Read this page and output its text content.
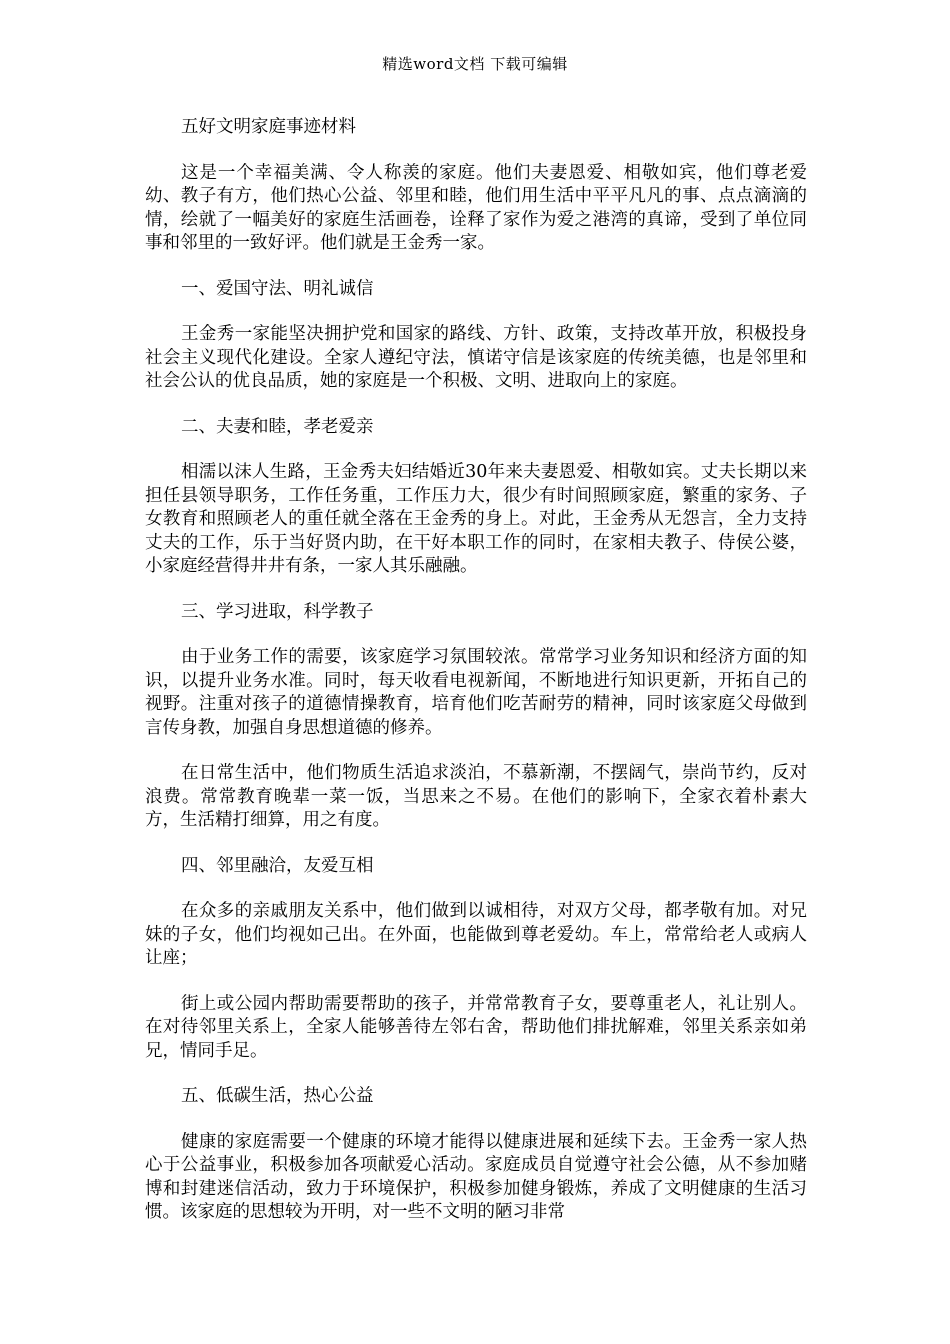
精选word文档 下载可编辑

五好文明家庭事迹材料

这是一个幸福美满、令人称羡的家庭。他们夫妻恩爱、相敬如宾，他们尊老爱幼、教子有方，他们热心公益、邻里和睦，他们用生活中平平凡凡的事、点点滴滴的情，绘就了一幅美好的家庭生活画卷，诠释了家作为爱之港湾的真谛，受到了单位同事和邻里的一致好评。他们就是王金秀一家。

一、爱国守法、明礼诚信

王金秀一家能坚决拥护党和国家的路线、方针、政策，支持改革开放，积极投身社会主义现代化建设。全家人遵纪守法，慎诺守信是该家庭的传统美德，也是邻里和社会公认的优良品质，她的家庭是一个积极、文明、进取向上的家庭。

二、夫妻和睦，孝老爱亲

相濡以沫人生路，王金秀夫妇结婚近30年来夫妻恩爱、相敬如宾。丈夫长期以来担任县领导职务，工作任务重，工作压力大，很少有时间照顾家庭，繁重的家务、子女教育和照顾老人的重任就全落在王金秀的身上。对此，王金秀从无怨言，全力支持丈夫的工作，乐于当好贤内助，在干好本职工作的同时，在家相夫教子、侍侯公婆，小家庭经营得井井有条，一家人其乐融融。

三、学习进取，科学教子

由于业务工作的需要，该家庭学习氛围较浓。常常学习业务知识和经济方面的知识，以提升业务水准。同时，每天收看电视新闻，不断地进行知识更新，开拓自己的视野。注重对孩子的道德情操教育，培育他们吃苦耐劳的精神，同时该家庭父母做到言传身教，加强自身思想道德的修养。

在日常生活中，他们物质生活追求淡泊，不慕新潮，不摆阔气，崇尚节约，反对浪费。常常教育晚辈一菜一饭，当思来之不易。在他们的影响下，全家衣着朴素大方，生活精打细算，用之有度。

四、邻里融洽，友爱互相

在众多的亲戚朋友关系中，他们做到以诚相待，对双方父母，都孝敬有加。对兄妹的子女，他们均视如己出。在外面，也能做到尊老爱幼。车上，常常给老人或病人让座；

街上或公园内帮助需要帮助的孩子，并常常教育子女，要尊重老人，礼让别人。在对待邻里关系上，全家人能够善待左邻右舍，帮助他们排扰解难，邻里关系亲如弟兄，情同手足。

五、低碳生活，热心公益

健康的家庭需要一个健康的环境才能得以健康进展和延续下去。王金秀一家人热心于公益事业，积极参加各项献爱心活动。家庭成员自觉遵守社会公德，从不参加赌博和封建迷信活动，致力于环境保护，积极参加健身锻炼，养成了文明健康的生活习惯。该家庭的思想较为开明，对一些不文明的陋习非常
